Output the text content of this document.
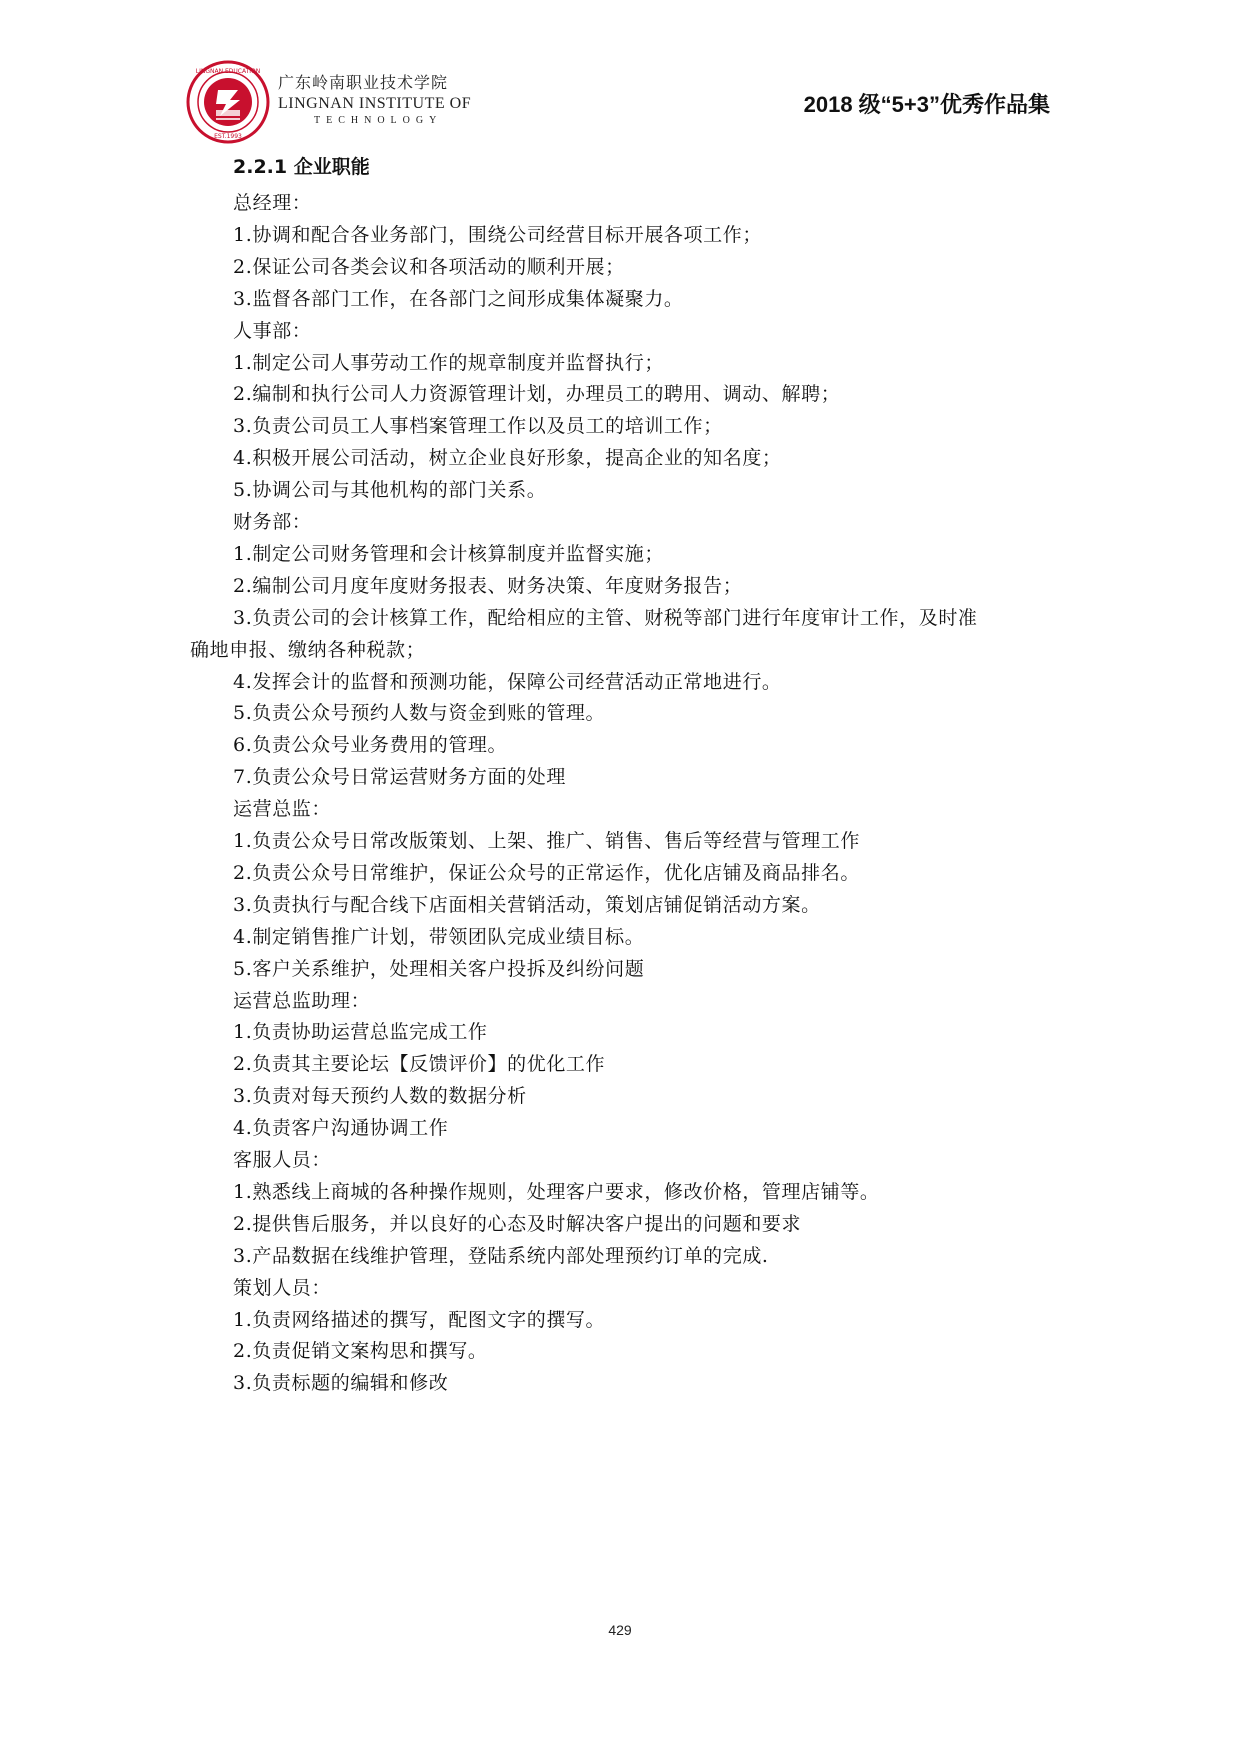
LINGNAN EDUCATION
EST.1993
广东岭南职业技术学院
LINGNAN INSTITUTE OF
TECHNOLOGY
2018 级“5+3”优秀作品集
2.2.1 企业职能
总经理：
1.协调和配合各业务部门，围绕公司经营目标开展各项工作；
2.保证公司各类会议和各项活动的顺利开展；
3.监督各部门工作，在各部门之间形成集体凝聚力。
人事部：
1.制定公司人事劳动工作的规章制度并监督执行；
2.编制和执行公司人力资源管理计划，办理员工的聘用、调动、解聘；
3.负责公司员工人事档案管理工作以及员工的培训工作；
4.积极开展公司活动，树立企业良好形象，提高企业的知名度；
5.协调公司与其他机构的部门关系。
财务部：
1.制定公司财务管理和会计核算制度并监督实施；
2.编制公司月度年度财务报表、财务决策、年度财务报告；
3.负责公司的会计核算工作，配给相应的主管、财税等部门进行年度审计工作，及时准
确地申报、缴纳各种税款；
4.发挥会计的监督和预测功能，保障公司经营活动正常地进行。
5.负责公众号预约人数与资金到账的管理。
6.负责公众号业务费用的管理。
7.负责公众号日常运营财务方面的处理
运营总监：
1.负责公众号日常改版策划、上架、推广、销售、售后等经营与管理工作
2.负责公众号日常维护，保证公众号的正常运作，优化店铺及商品排名。
3.负责执行与配合线下店面相关营销活动，策划店铺促销活动方案。
4.制定销售推广计划，带领团队完成业绩目标。
5.客户关系维护，处理相关客户投拆及纠纷问题
运营总监助理：
1.负责协助运营总监完成工作
2.负责其主要论坛【反馈评价】的优化工作
3.负责对每天预约人数的数据分析
4.负责客户沟通协调工作
客服人员：
1.熟悉线上商城的各种操作规则，处理客户要求，修改价格，管理店铺等。
2.提供售后服务，并以良好的心态及时解决客户提出的问题和要求
3.产品数据在线维护管理，登陆系统内部处理预约订单的完成.
策划人员：
1.负责网络描述的撰写，配图文字的撰写。
2.负责促销文案构思和撰写。
3.负责标题的编辑和修改
429
